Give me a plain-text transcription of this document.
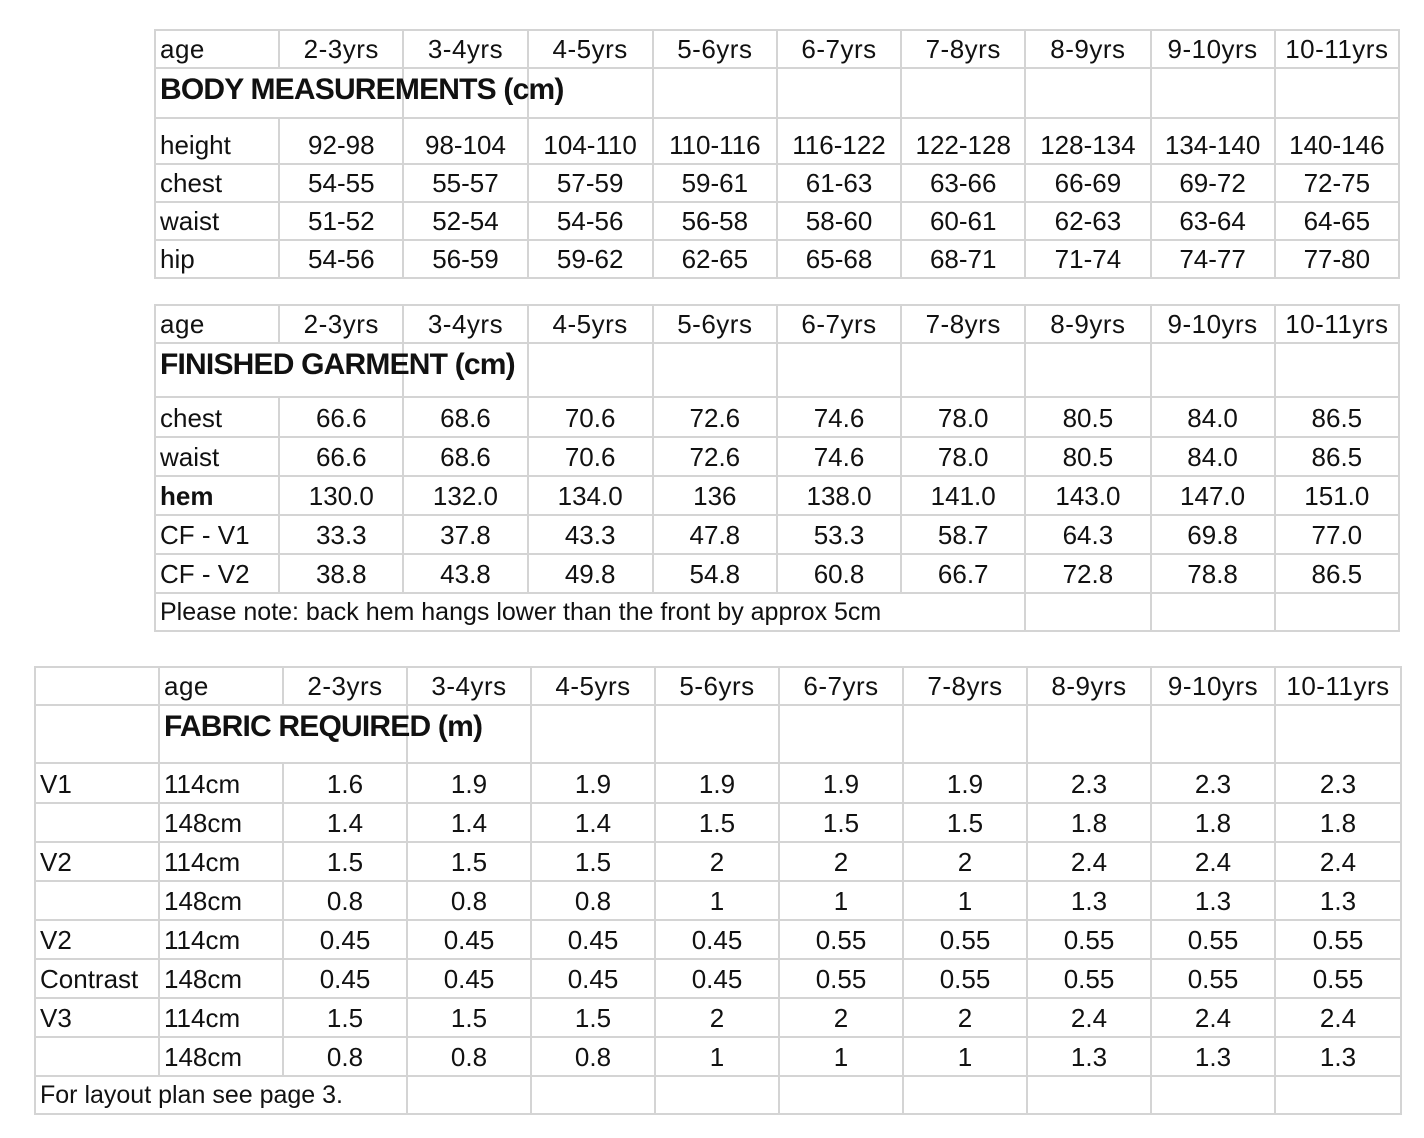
age	2-3yrs	3-4yrs	4-5yrs	5-6yrs	6-7yrs	7-8yrs	8-9yrs	9-10yrs	10-11yrs
BODY MEASUREMENTS (cm)									
height	92-98	98-104	104-110	110-116	116-122	122-128	128-134	134-140	140-146
chest	54-55	55-57	57-59	59-61	61-63	63-66	66-69	69-72	72-75
waist	51-52	52-54	54-56	56-58	58-60	60-61	62-63	63-64	64-65
hip	54-56	56-59	59-62	62-65	65-68	68-71	71-74	74-77	77-80
age	2-3yrs	3-4yrs	4-5yrs	5-6yrs	6-7yrs	7-8yrs	8-9yrs	9-10yrs	10-11yrs
FINISHED GARMENT (cm)									
chest	66.6	68.6	70.6	72.6	74.6	78.0	80.5	84.0	86.5
waist	66.6	68.6	70.6	72.6	74.6	78.0	80.5	84.0	86.5
hem	130.0	132.0	134.0	136	138.0	141.0	143.0	147.0	151.0
CF - V1	33.3	37.8	43.3	47.8	53.3	58.7	64.3	69.8	77.0
CF - V2	38.8	43.8	49.8	54.8	60.8	66.7	72.8	78.8	86.5
Please note: back hem hangs lower than the front by approx 5cm									
	age	2-3yrs	3-4yrs	4-5yrs	5-6yrs	6-7yrs	7-8yrs	8-9yrs	9-10yrs	10-11yrs
	FABRIC REQUIRED (m)									
V1	114cm	1.6	1.9	1.9	1.9	1.9	1.9	2.3	2.3	2.3
	148cm	1.4	1.4	1.4	1.5	1.5	1.5	1.8	1.8	1.8
V2	114cm	1.5	1.5	1.5	2	2	2	2.4	2.4	2.4
	148cm	0.8	0.8	0.8	1	1	1	1.3	1.3	1.3
V2	114cm	0.45	0.45	0.45	0.45	0.55	0.55	0.55	0.55	0.55
Contrast	148cm	0.45	0.45	0.45	0.45	0.55	0.55	0.55	0.55	0.55
V3	114cm	1.5	1.5	1.5	2	2	2	2.4	2.4	2.4
	148cm	0.8	0.8	0.8	1	1	1	1.3	1.3	1.3
For layout plan see page 3.										
